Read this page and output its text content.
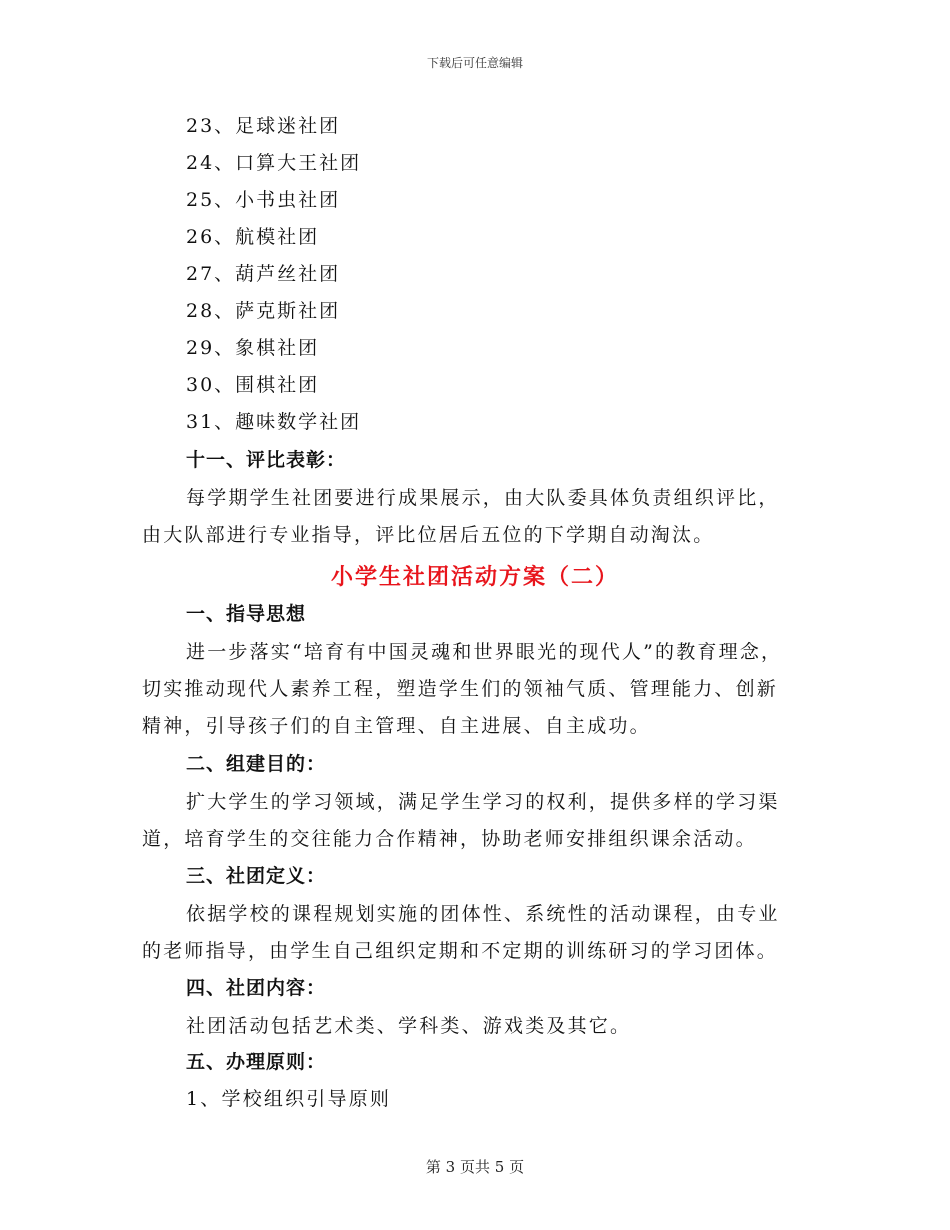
下载后可任意编辑
23、足球迷社团
24、口算大王社团
25、小书虫社团
26、航模社团
27、葫芦丝社团
28、萨克斯社团
29、象棋社团
30、围棋社团
31、趣味数学社团
十一、评比表彰：
每学期学生社团要进行成果展示，由大队委具体负责组织评比，
由大队部进行专业指导，评比位居后五位的下学期自动淘汰。
小学生社团活动方案（二）
一、指导思想
进一步落实“培育有中国灵魂和世界眼光的现代人”的教育理念，
切实推动现代人素养工程，塑造学生们的领袖气质、管理能力、创新
精神，引导孩子们的自主管理、自主进展、自主成功。
二、组建目的：
扩大学生的学习领域，满足学生学习的权利，提供多样的学习渠
道，培育学生的交往能力合作精神，协助老师安排组织课余活动。
三、社团定义：
依据学校的课程规划实施的团体性、系统性的活动课程，由专业
的老师指导，由学生自己组织定期和不定期的训练研习的学习团体。
四、社团内容：
社团活动包括艺术类、学科类、游戏类及其它。
五、办理原则：
1、学校组织引导原则
第 3 页共 5 页
